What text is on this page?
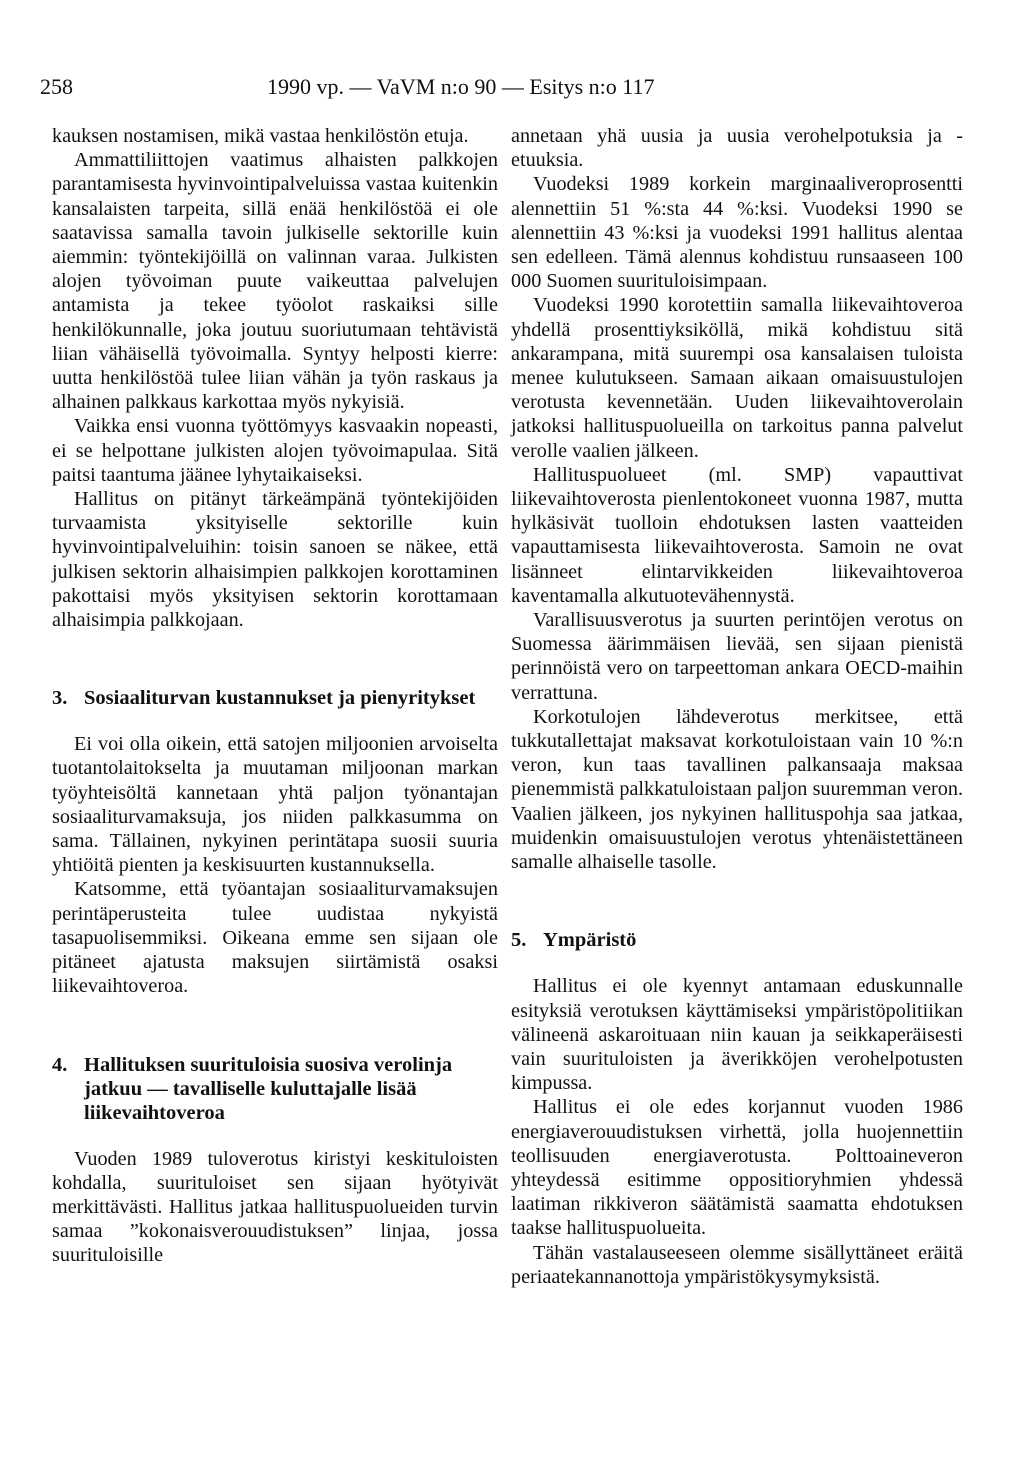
258	1990 vp. — VaVM n:o 90 — Esitys n:o 117

kauksen nostamisen, mikä vastaa henkilöstön etuja.

Ammattiliittojen vaatimus alhaisten palkkojen parantamisesta hyvinvointipalveluissa vastaa kuitenkin kansalaisten tarpeita, sillä enää henkilöstöä ei ole saatavissa samalla tavoin julkiselle sektorille kuin aiemmin: työntekijöillä on valinnan varaa. Julkisten alojen työvoiman puute vaikeuttaa palvelujen antamista ja tekee työolot raskaiksi sille henkilökunnalle, joka joutuu suoriutumaan tehtävistä liian vähäisellä työvoimalla. Syntyy helposti kierre: uutta henkilöstöä tulee liian vähän ja työn raskaus ja alhainen palkkaus karkottaa myös nykyisiä.

Vaikka ensi vuonna työttömyys kasvaakin nopeasti, ei se helpottane julkisten alojen työvoimapulaa. Sitä paitsi taantuma jäänee lyhytaikaiseksi.

Hallitus on pitänyt tärkeämpänä työntekijöiden turvaamista yksityiselle sektorille kuin hyvinvointipalveluihin: toisin sanoen se näkee, että julkisen sektorin alhaisimpien palkkojen korottaminen pakottaisi myös yksityisen sektorin korottamaan alhaisimpia palkkojaan.

3. Sosiaaliturvan kustannukset ja pienyritykset

Ei voi olla oikein, että satojen miljoonien arvoiselta tuotantolaitokselta ja muutaman miljoonan markan työyhteisöltä kannetaan yhtä paljon työnantajan sosiaaliturvamaksuja, jos niiden palkkasumma on sama. Tällainen, nykyinen perintätapa suosii suuria yhtiöitä pienten ja keskisuurten kustannuksella.

Katsomme, että työantajan sosiaaliturvamaksujen perintäperusteita tulee uudistaa nykyistä tasapuolisemmiksi. Oikeana emme sen sijaan ole pitäneet ajatusta maksujen siirtämistä osaksi liikevaihtoveroa.

4. Hallituksen suurituloisia suosiva verolinja jatkuu — tavalliselle kuluttajalle lisää liikevaihtoveroa

Vuoden 1989 tuloverotus kiristyi keskituloisten kohdalla, suurituloiset sen sijaan hyötyivät merkittävästi. Hallitus jatkaa hallituspuolueiden turvin samaa ”kokonaisverouudistuksen” linjaa, jossa suurituloisille

annetaan yhä uusia ja uusia verohelpotuksia ja -etuuksia.

Vuodeksi 1989 korkein marginaaliveroprosentti alennettiin 51 %:sta 44 %:ksi. Vuodeksi 1990 se alennettiin 43 %:ksi ja vuodeksi 1991 hallitus alentaa sen edelleen. Tämä alennus kohdistuu runsaaseen 100 000 Suomen suurituloisimpaan.

Vuodeksi 1990 korotettiin samalla liikevaihtoveroa yhdellä prosenttiyksiköllä, mikä kohdistuu sitä ankarampana, mitä suurempi osa kansalaisen tuloista menee kulutukseen. Samaan aikaan omaisuustulojen verotusta kevennetään. Uuden liikevaihtoverolain jatkoksi hallituspuolueilla on tarkoitus panna palvelut verolle vaalien jälkeen.

Hallituspuolueet (ml. SMP) vapauttivat liikevaihtoverosta pienlentokoneet vuonna 1987, mutta hylkäsivät tuolloin ehdotuksen lasten vaatteiden vapauttamisesta liikevaihtoverosta. Samoin ne ovat lisänneet elintarvikkeiden liikevaihtoveroa kaventamalla alkutuotevähennystä.

Varallisuusverotus ja suurten perintöjen verotus on Suomessa äärimmäisen lievää, sen sijaan pienistä perinnöistä vero on tarpeettoman ankara OECD-maihin verrattuna.

Korkotulojen lähdeverotus merkitsee, että tukkutallettajat maksavat korkotuloistaan vain 10 %:n veron, kun taas tavallinen palkansaaja maksaa pienemmistä palkkatuloistaan paljon suuremman veron. Vaalien jälkeen, jos nykyinen hallituspohja saa jatkaa, muidenkin omaisuustulojen verotus yhtenäistettäneen samalle alhaiselle tasolle.

5. Ympäristö

Hallitus ei ole kyennyt antamaan eduskunnalle esityksiä verotuksen käyttämiseksi ympäristöpolitiikan välineenä askaroituaan niin kauan ja seikkaperäisesti vain suurituloisten ja äverikköjen verohelpotusten kimpussa.

Hallitus ei ole edes korjannut vuoden 1986 energiaverouudistuksen virhettä, jolla huojennettiin teollisuuden energiaverotusta. Polttoaineveron yhteydessä esitimme oppositioryhmien yhdessä laatiman rikkiveron säätämistä saamatta ehdotuksen taakse hallituspuolueita.

Tähän vastalauseeseen olemme sisällyttäneet eräitä periaatekannanottoja ympäristökysymyksistä.
